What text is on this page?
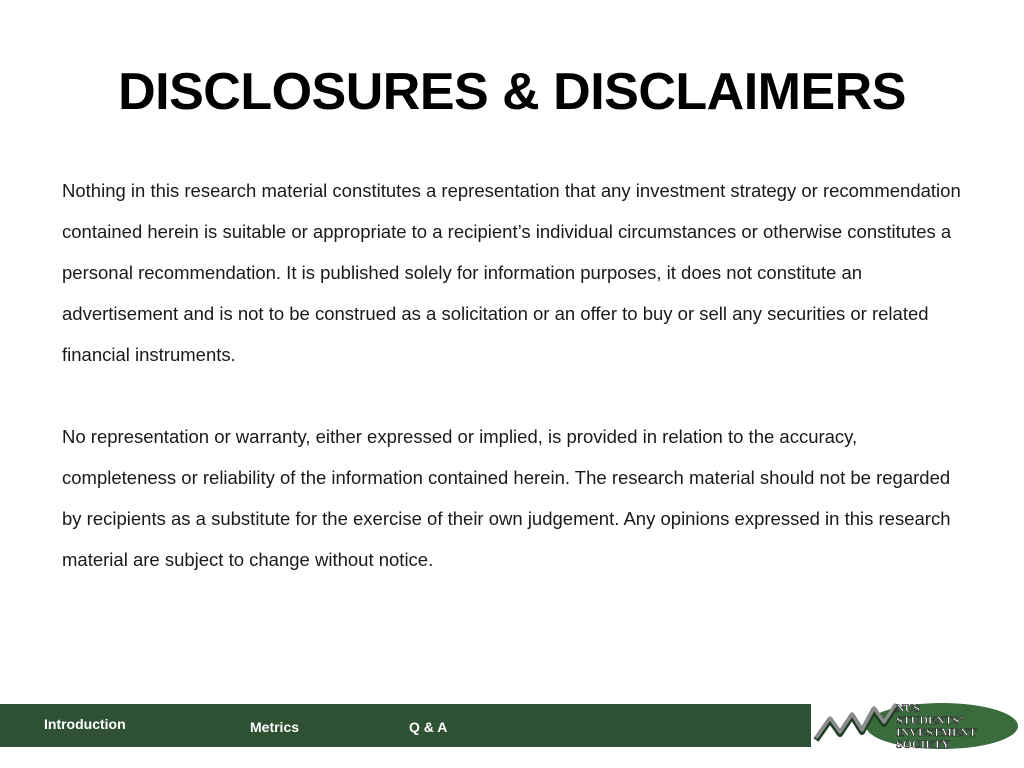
DISCLOSURES & DISCLAIMERS

Nothing in this research material constitutes a representation that any investment strategy or recommendation contained herein is suitable or appropriate to a recipient’s individual circumstances or otherwise constitutes a personal recommendation. It is published solely for information purposes, it does not constitute an advertisement and is not to be construed as a solicitation or an offer to buy or sell any securities or related financial instruments.

No representation or warranty, either expressed or implied, is provided in relation to the accuracy, completeness or reliability of the information contained herein. The research material should not be regarded by recipients as a substitute for the exercise of their own judgement. Any opinions expressed in this research material are subject to change without notice.

Introduction	Metrics	Q & A
NUS
STUDENTS'
INVESTMENT
SOCIETY
